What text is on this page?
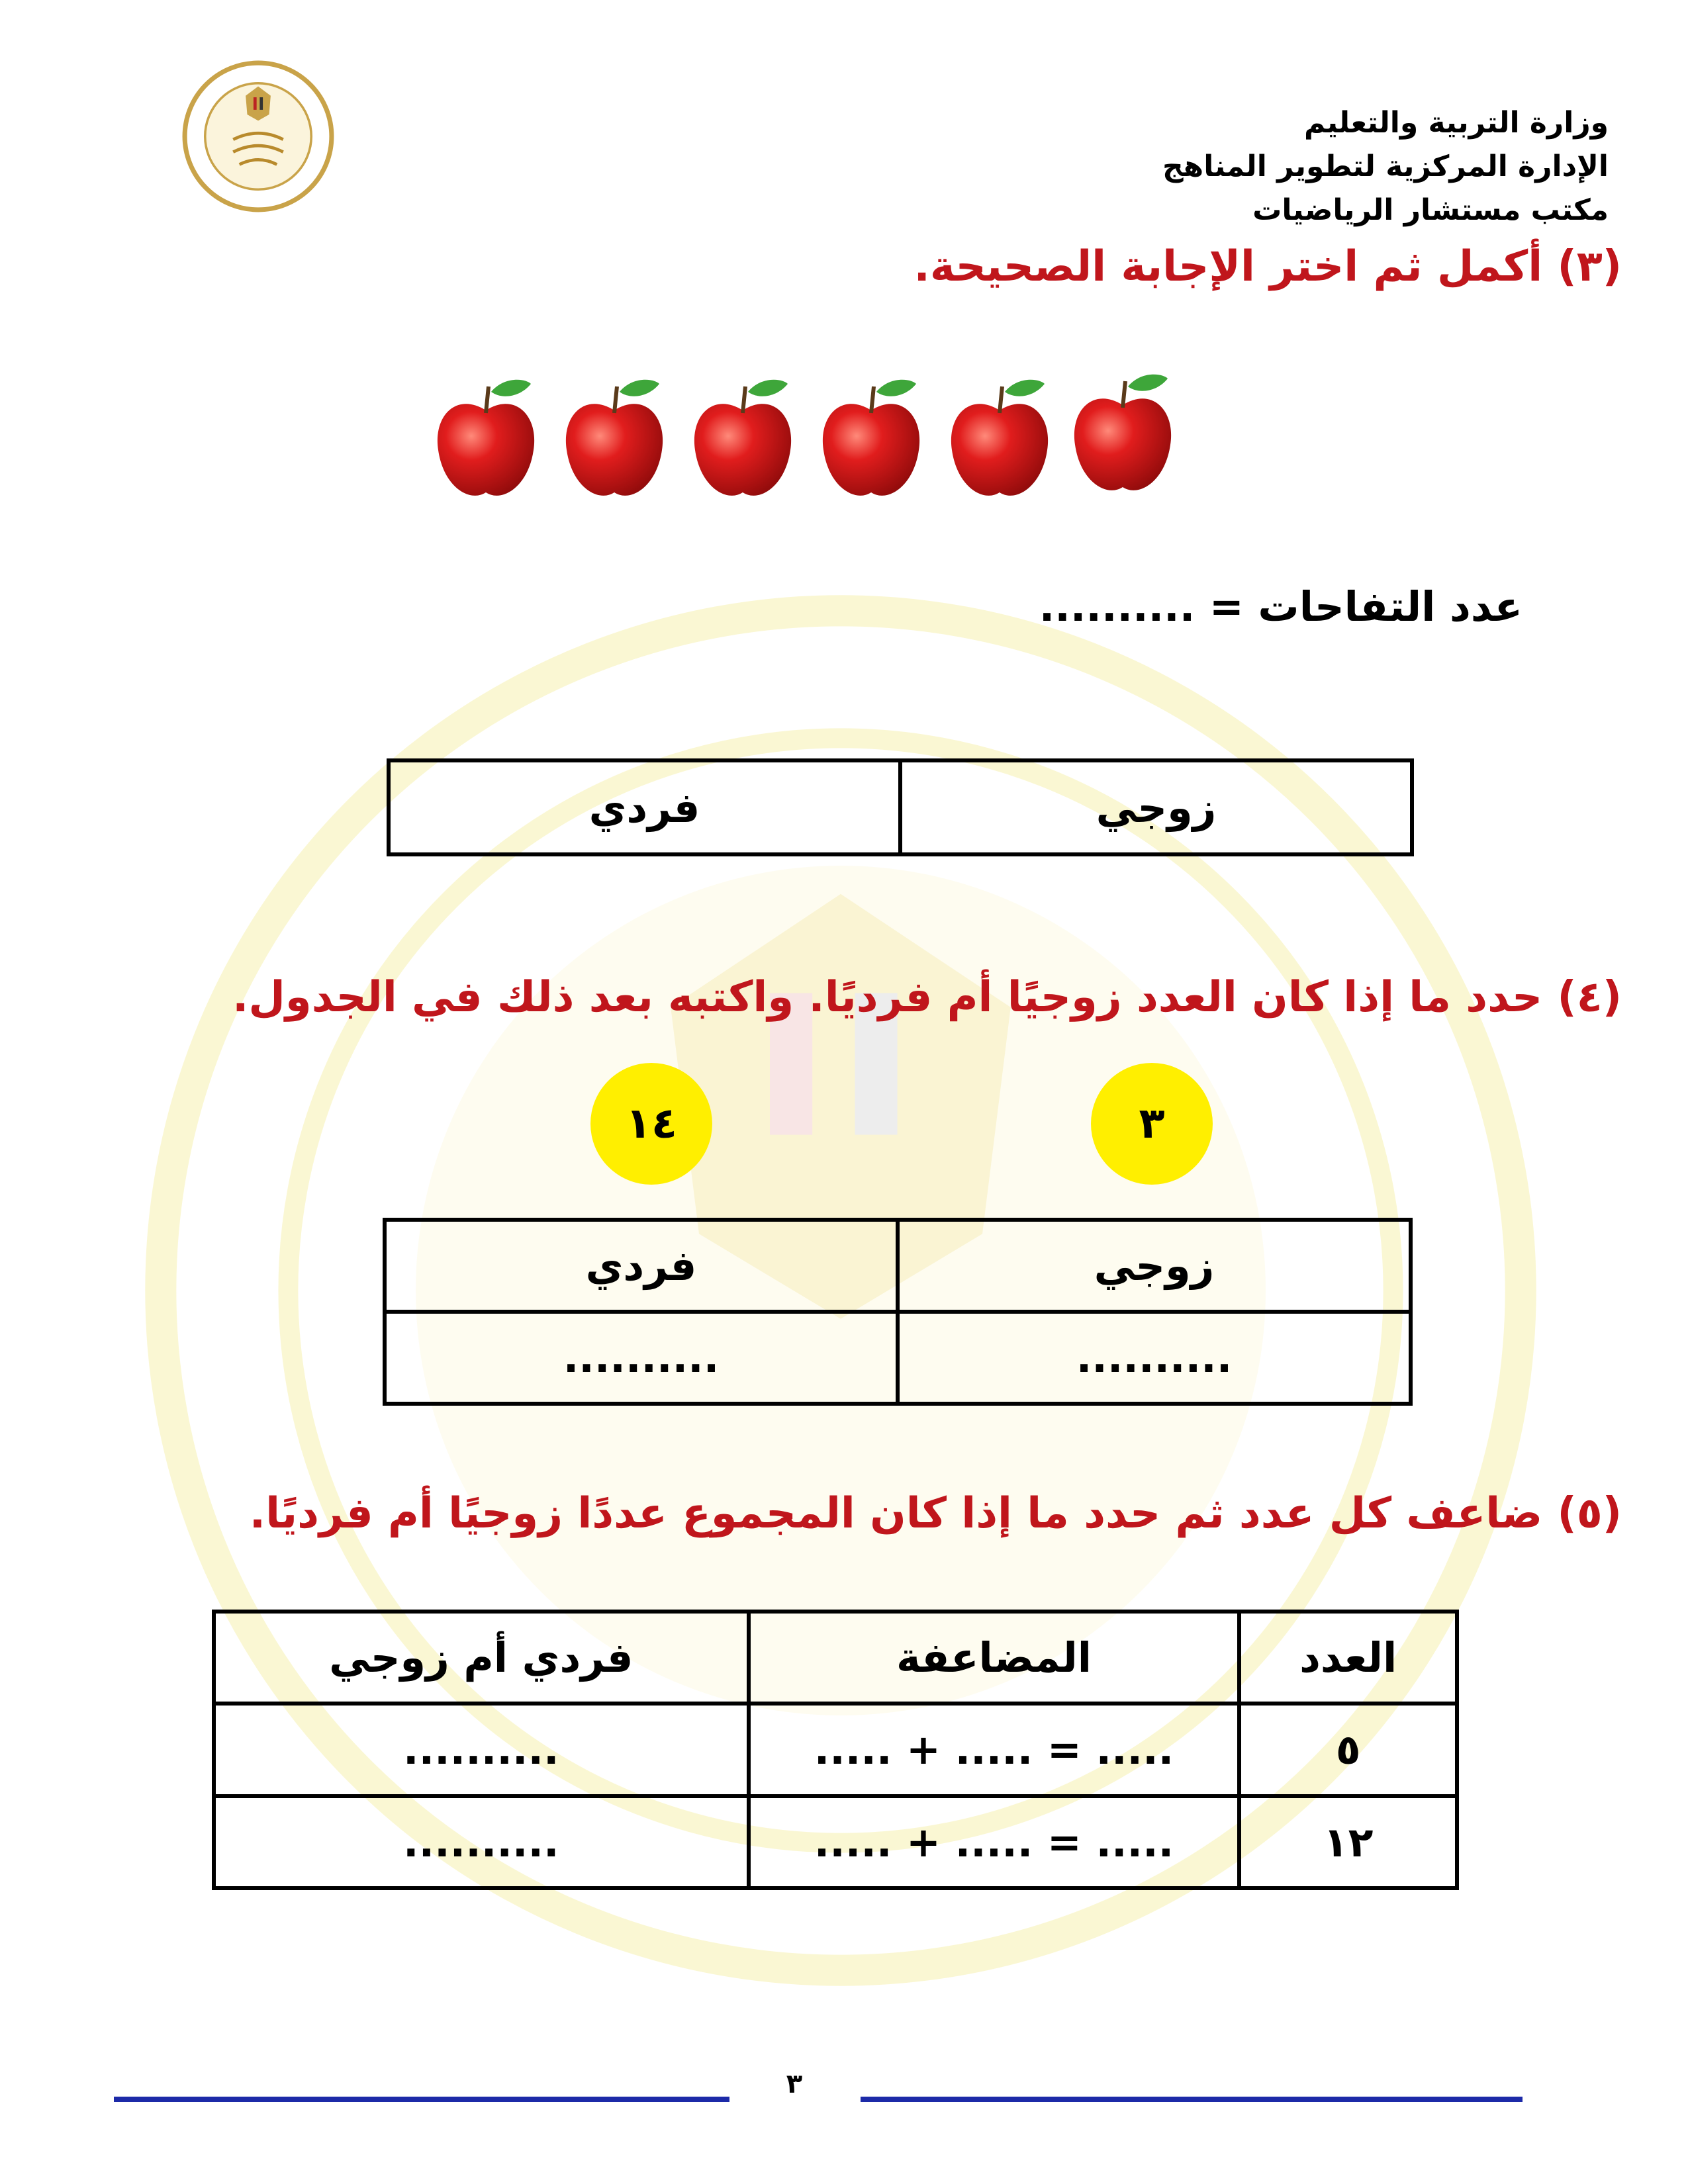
وزارة التربية والتعليم
الإدارة المركزية لتطوير المناهج
مكتب مستشار الرياضيات
(٣) أكمل ثم اختر الإجابة الصحيحة.
عدد التفاحات = ..........
زوجي	فردي
(٤) حدد ما إذا كان العدد زوجيًا أم فرديًا. واكتبه بعد ذلك في الجدول.
٣
١٤
زوجي	فردي
..........	..........
(٥) ضاعف كل عدد ثم حدد ما إذا كان المجموع عددًا زوجيًا أم فرديًا.
العدد	المضاعفة	فردي أم زوجي
٥	..... + ..... = .....	..........
١٢	..... + ..... = .....	..........
٣
